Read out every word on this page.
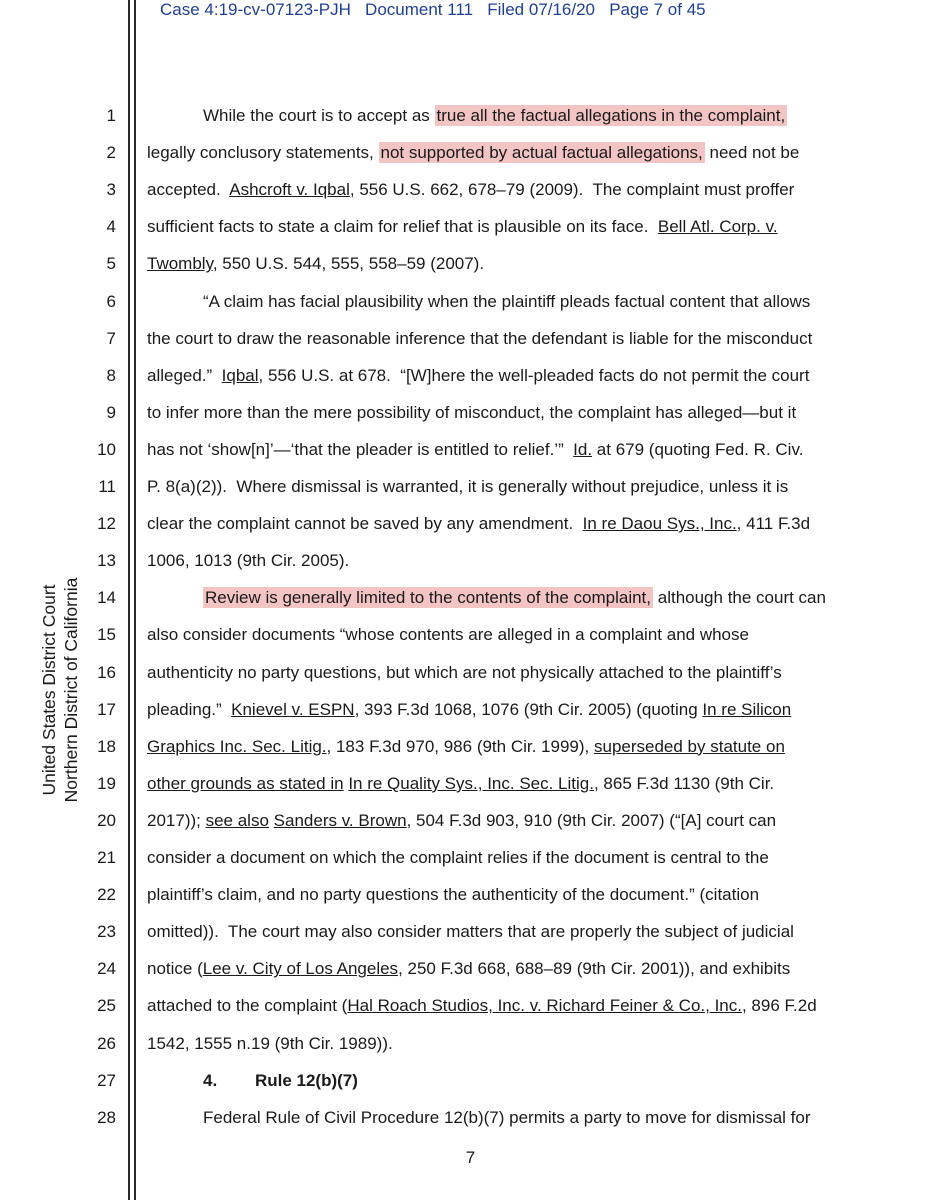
Case 4:19-cv-07123-PJH Document 111 Filed 07/16/20 Page 7 of 45
United States District Court Northern District of California
1
2
3
4
5
6
7
8
9
10
11
12
13
14
15
16
17
18
19
20
21
22
23
24
25
26
27
28
While the court is to accept as true all the factual allegations in the complaint,
legally conclusory statements, not supported by actual factual allegations, need not be
accepted.  Ashcroft v. Iqbal, 556 U.S. 662, 678–79 (2009).  The complaint must proffer
sufficient facts to state a claim for relief that is plausible on its face.  Bell Atl. Corp. v.
Twombly, 550 U.S. 544, 555, 558–59 (2007).
“A claim has facial plausibility when the plaintiff pleads factual content that allows
the court to draw the reasonable inference that the defendant is liable for the misconduct
alleged.”  Iqbal, 556 U.S. at 678.  “[W]here the well-pleaded facts do not permit the court
to infer more than the mere possibility of misconduct, the complaint has alleged—but it
has not ‘show[n]’—‘that the pleader is entitled to relief.’”  Id. at 679 (quoting Fed. R. Civ.
P. 8(a)(2)).  Where dismissal is warranted, it is generally without prejudice, unless it is
clear the complaint cannot be saved by any amendment.  In re Daou Sys., Inc., 411 F.3d
1006, 1013 (9th Cir. 2005).
Review is generally limited to the contents of the complaint, although the court can
also consider documents “whose contents are alleged in a complaint and whose
authenticity no party questions, but which are not physically attached to the plaintiff’s
pleading.”  Knievel v. ESPN, 393 F.3d 1068, 1076 (9th Cir. 2005) (quoting In re Silicon
Graphics Inc. Sec. Litig., 183 F.3d 970, 986 (9th Cir. 1999), superseded by statute on
other grounds as stated in In re Quality Sys., Inc. Sec. Litig., 865 F.3d 1130 (9th Cir.
2017)); see also Sanders v. Brown, 504 F.3d 903, 910 (9th Cir. 2007) (“[A] court can
consider a document on which the complaint relies if the document is central to the
plaintiff’s claim, and no party questions the authenticity of the document.” (citation
omitted)).  The court may also consider matters that are properly the subject of judicial
notice (Lee v. City of Los Angeles, 250 F.3d 668, 688–89 (9th Cir. 2001)), and exhibits
attached to the complaint (Hal Roach Studios, Inc. v. Richard Feiner & Co., Inc., 896 F.2d
1542, 1555 n.19 (9th Cir. 1989)).
4.        Rule 12(b)(7)
Federal Rule of Civil Procedure 12(b)(7) permits a party to move for dismissal for
7
